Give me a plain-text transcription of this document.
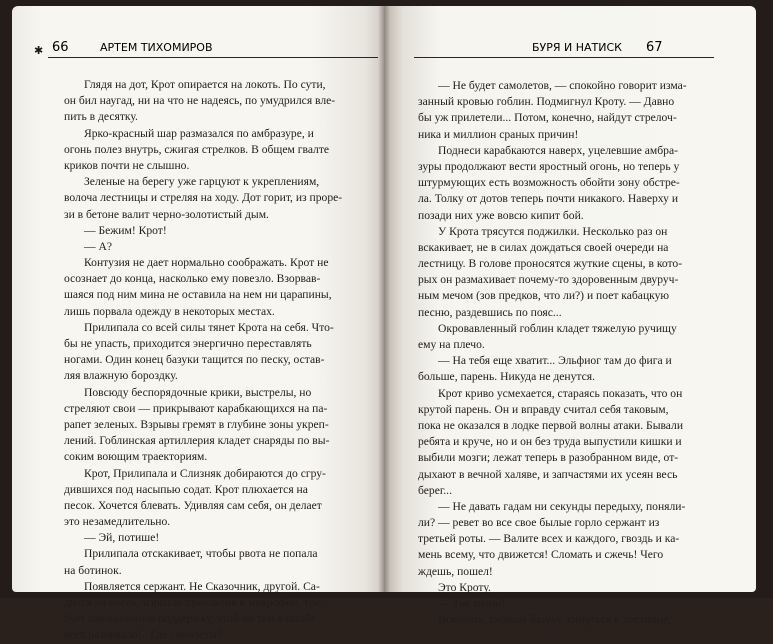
✱ 66	АРТЕМ ТИХОМИРОВ
Глядя на дот, Крот опирается на локоть. По сути,
он бил наугад, ни на что не надеясь, по умудрился вле-
пить в десятку.
Ярко-красный шар размазался по амбразуре, и
огонь полез внутрь, сжигая стрелков. В общем гвалте
криков почти не слышно.
Зеленые на берегу уже гарцуют к укреплениям,
волоча лестницы и стреляя на ходу. Дот горит, из проре-
зи в бетоне валит черно-золотистый дым.
— Бежим! Крот!
— А?
Контузия не дает нормально соображать. Крот не
осознает до конца, насколько ему повезло. Взорвав-
шаяся под ним мина не оставила на нем ни царапины,
лишь порвала одежду в некоторых местах.
Прилипала со всей силы тянет Крота на себя. Что-
бы не упасть, приходится энергично переставлять
ногами. Один конец базуки тащится по песку, остав-
ляя влажную бороздку.
Повсюду беспорядочные крики, выстрелы, но
стреляют свои — прикрывают карабкающихся на па-
рапет зеленых. Взрывы гремят в глубине зоны укреп-
лений. Гоблинская артиллерия кладет снаряды по вы-
соким воющим траекториям.
Крот, Прилипала и Слизняк добираются до сгру-
дившихся под насыпью содат. Крот плюхается на
песок. Хочется блевать. Удивляя сам себя, он делает
это незамедлительно.
— Эй, потише!
Прилипала отскакивает, чтобы рвота не попала
на ботинок.
Появляется сержант. Не Сказочник, другой. Са-
дится на песок, изрыгая проклятия в микрофон, тре-
бует авиационную поддержку, чтоб их там в штабе
всех разорвало!.. Где самолеты?
БУРЯ И НАТИСК 67
— Не будет самолетов, — спокойно говорит изма-
занный кровью гоблин. Подмигнул Кроту. — Давно
бы уж прилетели... Потом, конечно, найдут стрелоч-
ника и миллион сраных причин!
Поднеси карабкаются наверх, уцелевшие амбра-
зуры продолжают вести яростный огонь, но теперь у
штурмующих есть возможность обойти зону обстре-
ла. Толку от дотов теперь почти никакого. Наверху и
позади них уже вовсю кипит бой.
У Крота трясутся поджилки. Несколько раз он
вскакивает, не в силах дождаться своей очереди на
лестницу. В голове проносятся жуткие сцены, в кото-
рых он размахивает почему-то здоровенным двуруч-
ным мечом (зов предков, что ли?) и поет кабацкую
песню, раздевшись по пояс...
Окровавленный гоблин кладет тяжелую ручищу
ему на плечо.
— На тебя еще хватит... Эльфиог там до фига и
больше, парень. Никуда не денутся.
Крот криво усмехается, стараясь показать, что он
крутой парень. Он и вправду считал себя таковым,
пока не оказался в лодке первой волны атаки. Бывали
ребята и круче, но и он без труда выпустили кишки и
выбили мозги; лежат теперь в разобранном виде, от-
дыхают в вечной халяве, и запчастями их усеян весь
берег...
— Не давать гадам ни секунды передыху, поняли-
ли? — ревет во все свое былые горло сержант из
третьей роты. — Валите всех и каждого, гвоздь и ка-
мень всему, что движется! Сломать и сжечь! Чего
ждешь, пошел!
Это Кроту.
— Так точно!
Вскочить, сжимая базуку, кинуться к лестнице,
